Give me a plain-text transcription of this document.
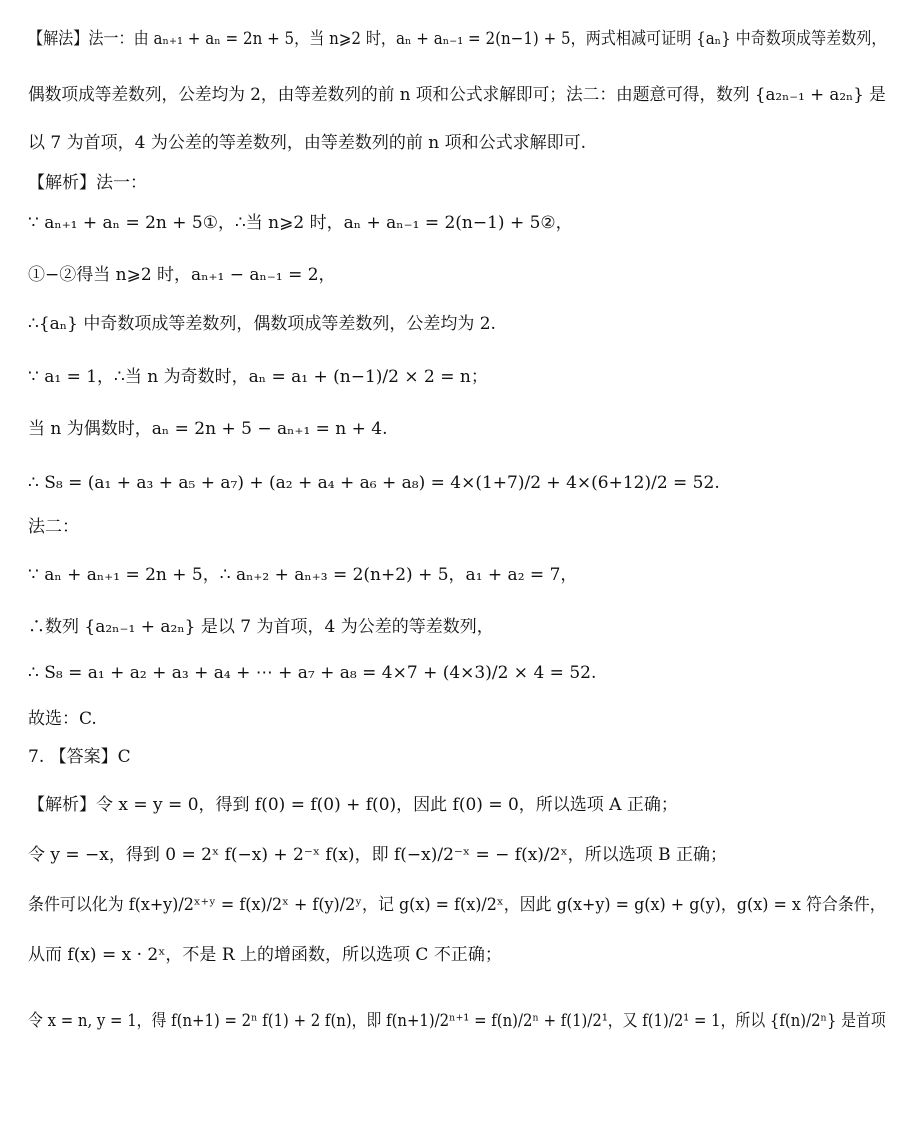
【解法】法一：由 aₙ₊₁ + aₙ = 2n + 5，当 n⩾2 时，aₙ + aₙ₋₁ = 2(n−1) + 5，两式相减可证明 {aₙ} 中奇数项成等差数列，
偶数项成等差数列，公差均为 2，由等差数列的前 n 项和公式求解即可；法二：由题意可得，数列 {a₂ₙ₋₁ + a₂ₙ} 是
以 7 为首项，4 为公差的等差数列，由等差数列的前 n 项和公式求解即可.
【解析】法一：
∵ aₙ₊₁ + aₙ = 2n + 5①，∴当 n⩾2 时，aₙ + aₙ₋₁ = 2(n−1) + 5②，
①−②得当 n⩾2 时，aₙ₊₁ − aₙ₋₁ = 2，
∴{aₙ} 中奇数项成等差数列，偶数项成等差数列，公差均为 2.
∵ a₁ = 1，∴当 n 为奇数时，aₙ = a₁ + (n−1)/2 × 2 = n；
当 n 为偶数时，aₙ = 2n + 5 − aₙ₊₁ = n + 4.
∴ S₈ = (a₁ + a₃ + a₅ + a₇) + (a₂ + a₄ + a₆ + a₈) = 4×(1+7)/2 + 4×(6+12)/2 = 52.
法二：
∵ aₙ + aₙ₊₁ = 2n + 5，∴ aₙ₊₂ + aₙ₊₃ = 2(n+2) + 5，a₁ + a₂ = 7，
∴数列 {a₂ₙ₋₁ + a₂ₙ} 是以 7 为首项，4 为公差的等差数列，
∴ S₈ = a₁ + a₂ + a₃ + a₄ + ⋯ + a₇ + a₈ = 4×7 + (4×3)/2 × 4 = 52.
故选：C.
7. 【答案】C
【解析】令 x = y = 0，得到 f(0) = f(0) + f(0)，因此 f(0) = 0，所以选项 A 正确；
令 y = −x，得到 0 = 2ˣ f(−x) + 2⁻ˣ f(x)，即 f(−x)/2⁻ˣ = − f(x)/2ˣ，所以选项 B 正确；
条件可以化为 f(x+y)/2ˣ⁺ʸ = f(x)/2ˣ + f(y)/2ʸ，记 g(x) = f(x)/2ˣ，因此 g(x+y) = g(x) + g(y)，g(x) = x 符合条件，
从而 f(x) = x · 2ˣ，不是 R 上的增函数，所以选项 C 不正确；
令 x = n, y = 1，得 f(n+1) = 2ⁿ f(1) + 2 f(n)，即 f(n+1)/2ⁿ⁺¹ = f(n)/2ⁿ + f(1)/2¹，又 f(1)/2¹ = 1，所以 {f(n)/2ⁿ} 是首项
